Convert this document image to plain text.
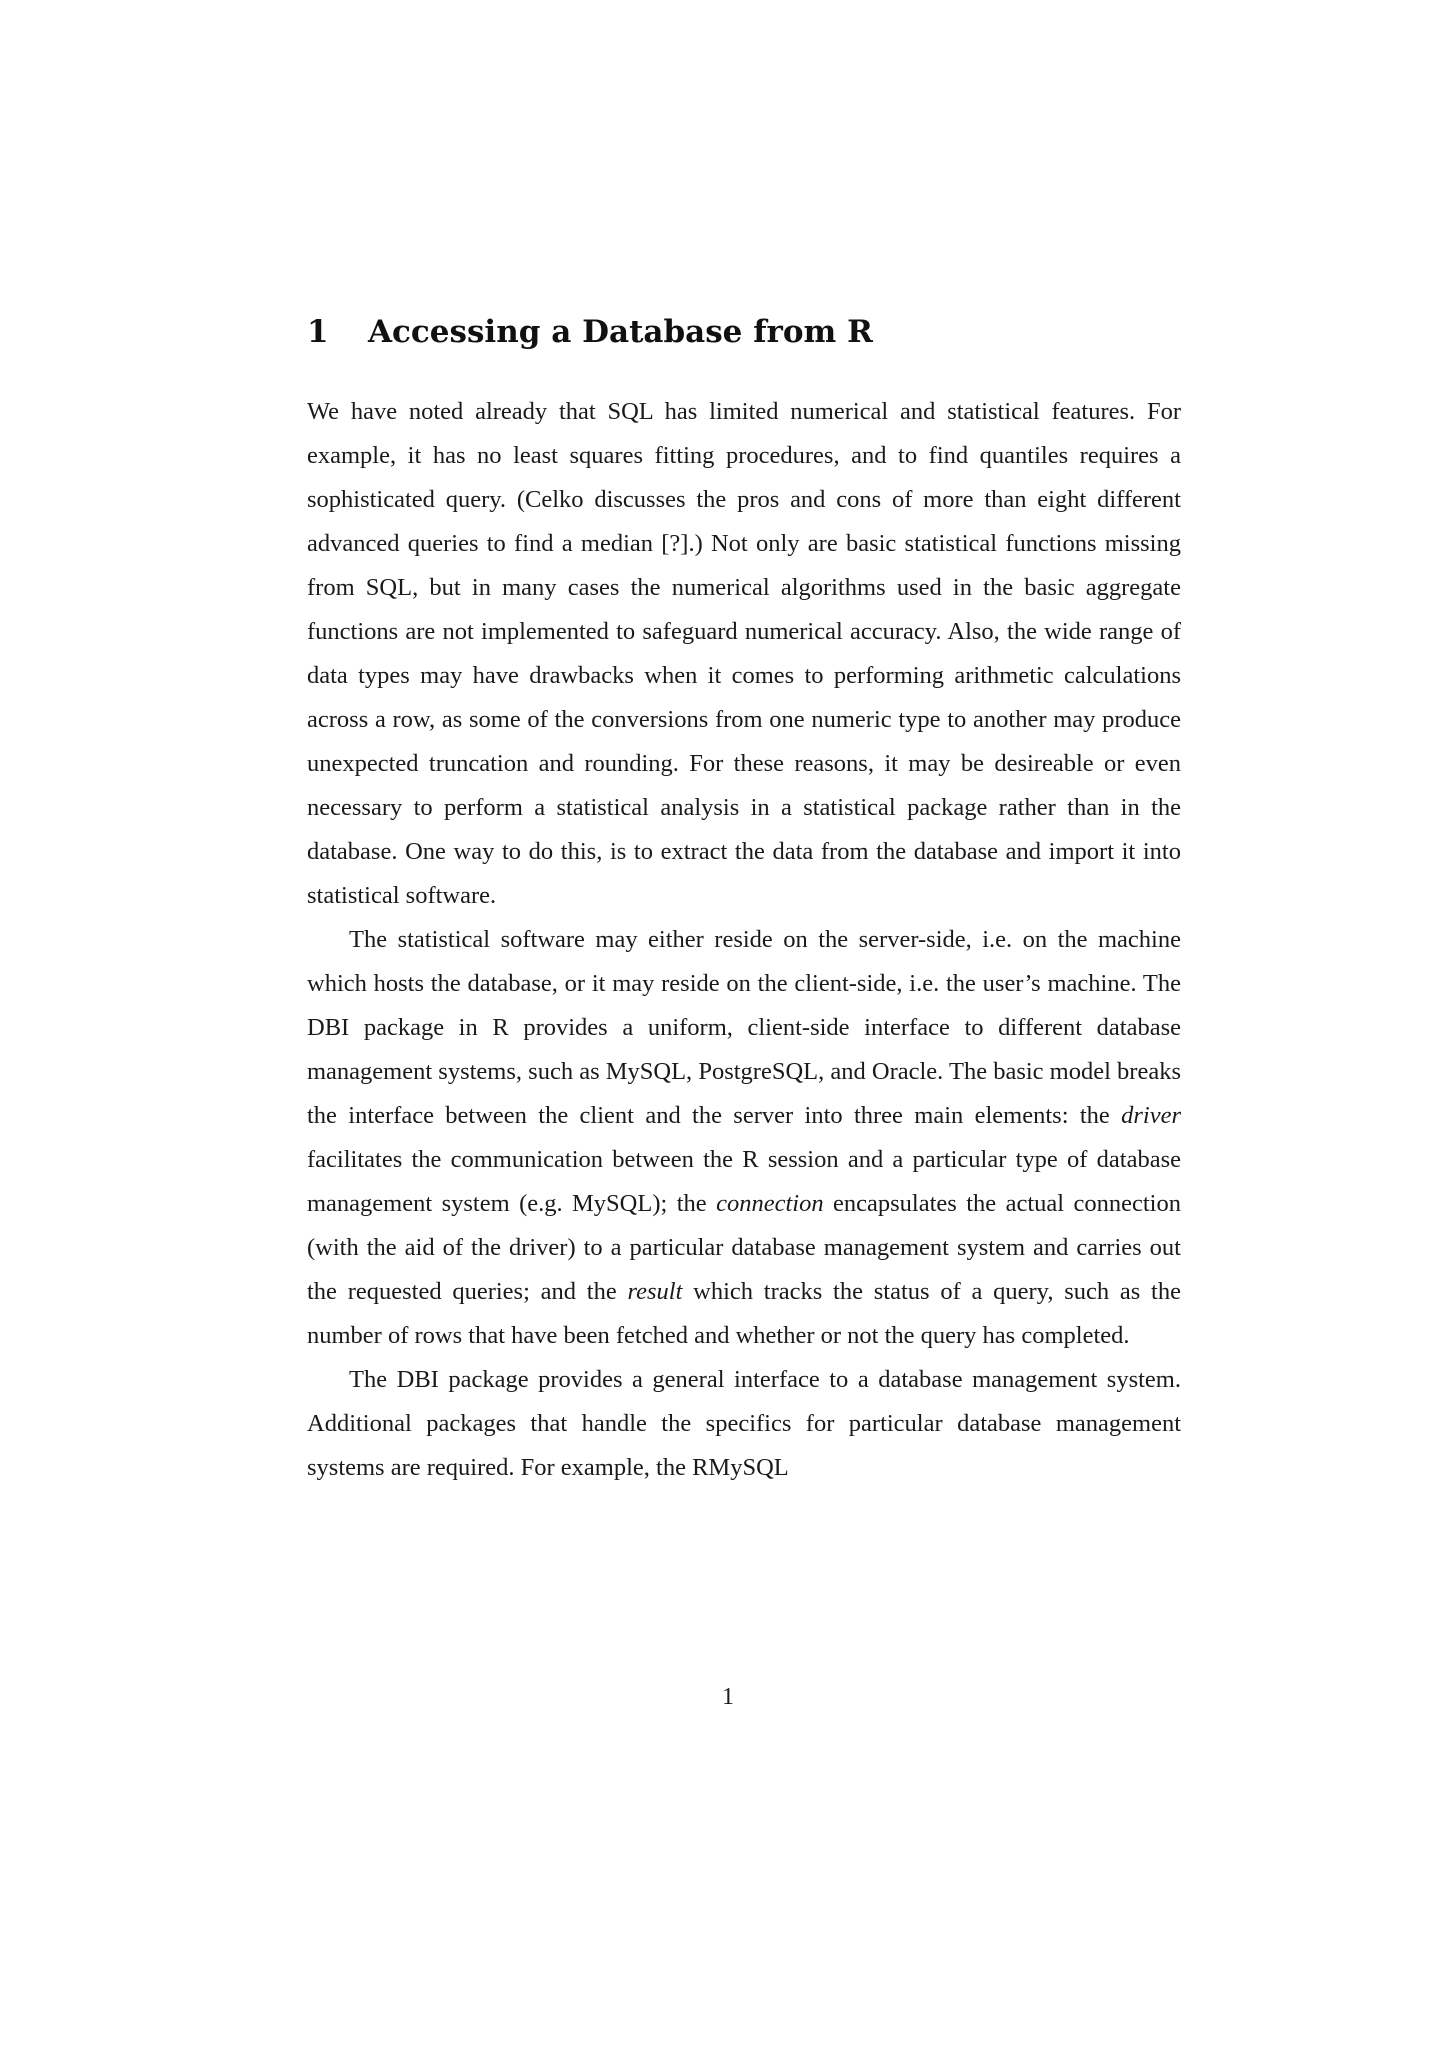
1 Accessing a Database from R

We have noted already that SQL has limited numerical and statistical features. For example, it has no least squares fitting procedures, and to find quantiles requires a sophisticated query. (Celko discusses the pros and cons of more than eight different advanced queries to find a median [?].) Not only are basic statistical functions missing from SQL, but in many cases the numerical algorithms used in the basic aggregate functions are not implemented to safeguard numerical accuracy. Also, the wide range of data types may have drawbacks when it comes to performing arithmetic calculations across a row, as some of the conversions from one numeric type to another may produce unexpected truncation and rounding. For these reasons, it may be desireable or even necessary to perform a statistical analysis in a statistical package rather than in the database. One way to do this, is to extract the data from the database and import it into statistical software.

The statistical software may either reside on the server-side, i.e. on the machine which hosts the database, or it may reside on the client-side, i.e. the user’s machine. The DBI package in R provides a uniform, client-side interface to different database management systems, such as MySQL, PostgreSQL, and Oracle. The basic model breaks the interface between the client and the server into three main elements: the driver facilitates the communication between the R session and a particular type of database management system (e.g. MySQL); the connection encapsulates the actual connection (with the aid of the driver) to a particular database management system and carries out the requested queries; and the result which tracks the status of a query, such as the number of rows that have been fetched and whether or not the query has completed.

The DBI package provides a general interface to a database management system. Additional packages that handle the specifics for particular database management systems are required. For example, the RMySQL

1
